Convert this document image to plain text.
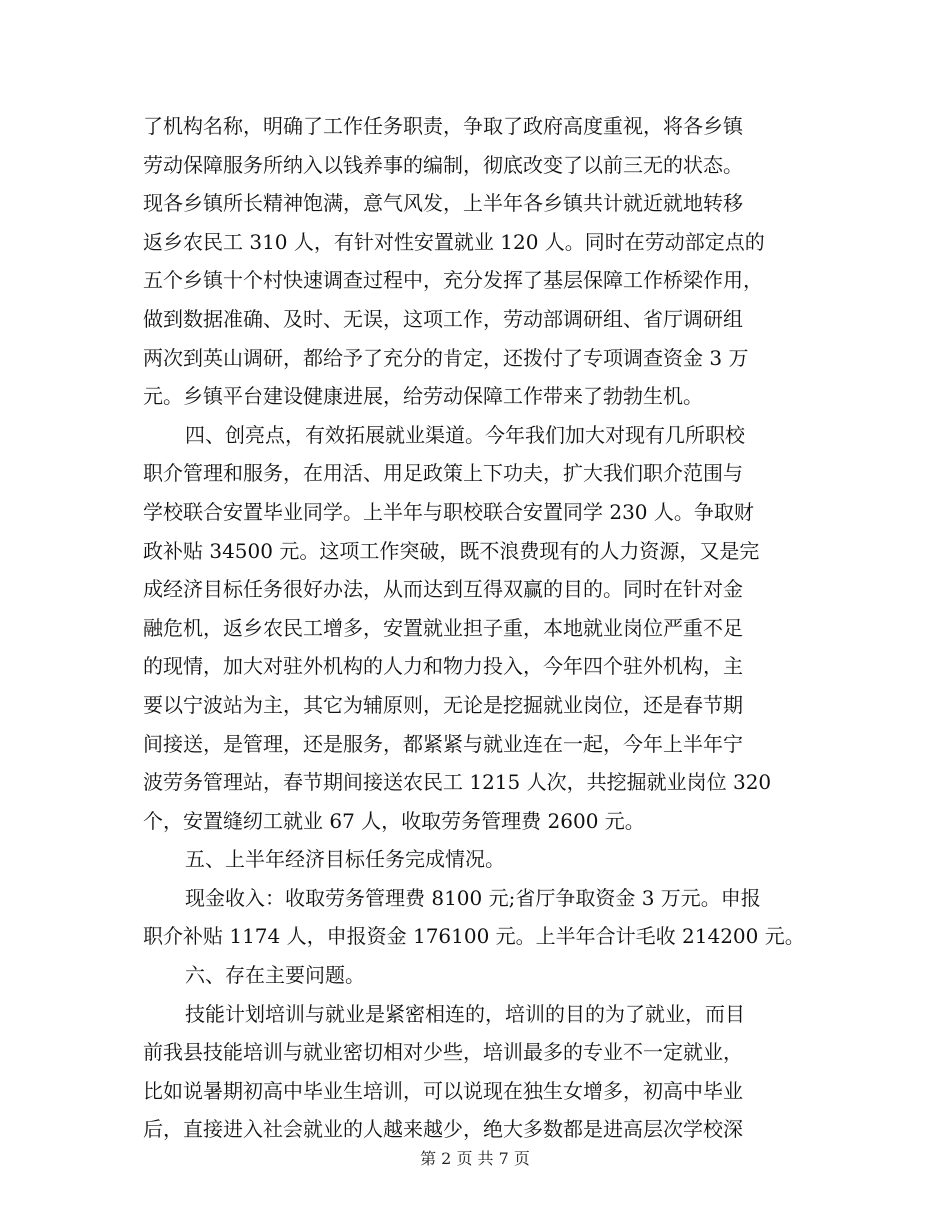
了机构名称，明确了工作任务职责，争取了政府高度重视，将各乡镇
劳动保障服务所纳入以钱养事的编制，彻底改变了以前三无的状态。
现各乡镇所长精神饱满，意气风发，上半年各乡镇共计就近就地转移
返乡农民工 310 人，有针对性安置就业 120 人。同时在劳动部定点的
五个乡镇十个村快速调查过程中，充分发挥了基层保障工作桥梁作用，
做到数据准确、及时、无误，这项工作，劳动部调研组、省厅调研组
两次到英山调研，都给予了充分的肯定，还拨付了专项调查资金 3 万
元。乡镇平台建设健康进展，给劳动保障工作带来了勃勃生机。
四、创亮点，有效拓展就业渠道。今年我们加大对现有几所职校
职介管理和服务，在用活、用足政策上下功夫，扩大我们职介范围与
学校联合安置毕业同学。上半年与职校联合安置同学 230 人。争取财
政补贴 34500 元。这项工作突破，既不浪费现有的人力资源，又是完
成经济目标任务很好办法，从而达到互得双赢的目的。同时在针对金
融危机，返乡农民工增多，安置就业担子重，本地就业岗位严重不足
的现情，加大对驻外机构的人力和物力投入，今年四个驻外机构，主
要以宁波站为主，其它为辅原则，无论是挖掘就业岗位，还是春节期
间接送，是管理，还是服务，都紧紧与就业连在一起，今年上半年宁
波劳务管理站，春节期间接送农民工 1215 人次，共挖掘就业岗位 320
个，安置缝纫工就业 67 人，收取劳务管理费 2600 元。
五、上半年经济目标任务完成情况。
现金收入：收取劳务管理费 8100 元;省厅争取资金 3 万元。申报
职介补贴 1174 人，申报资金 176100 元。上半年合计毛收 214200 元。
六、存在主要问题。
技能计划培训与就业是紧密相连的，培训的目的为了就业，而目
前我县技能培训与就业密切相对少些，培训最多的专业不一定就业，
比如说暑期初高中毕业生培训，可以说现在独生女增多，初高中毕业
后，直接进入社会就业的人越来越少，绝大多数都是进高层次学校深
第 2 页 共 7 页
